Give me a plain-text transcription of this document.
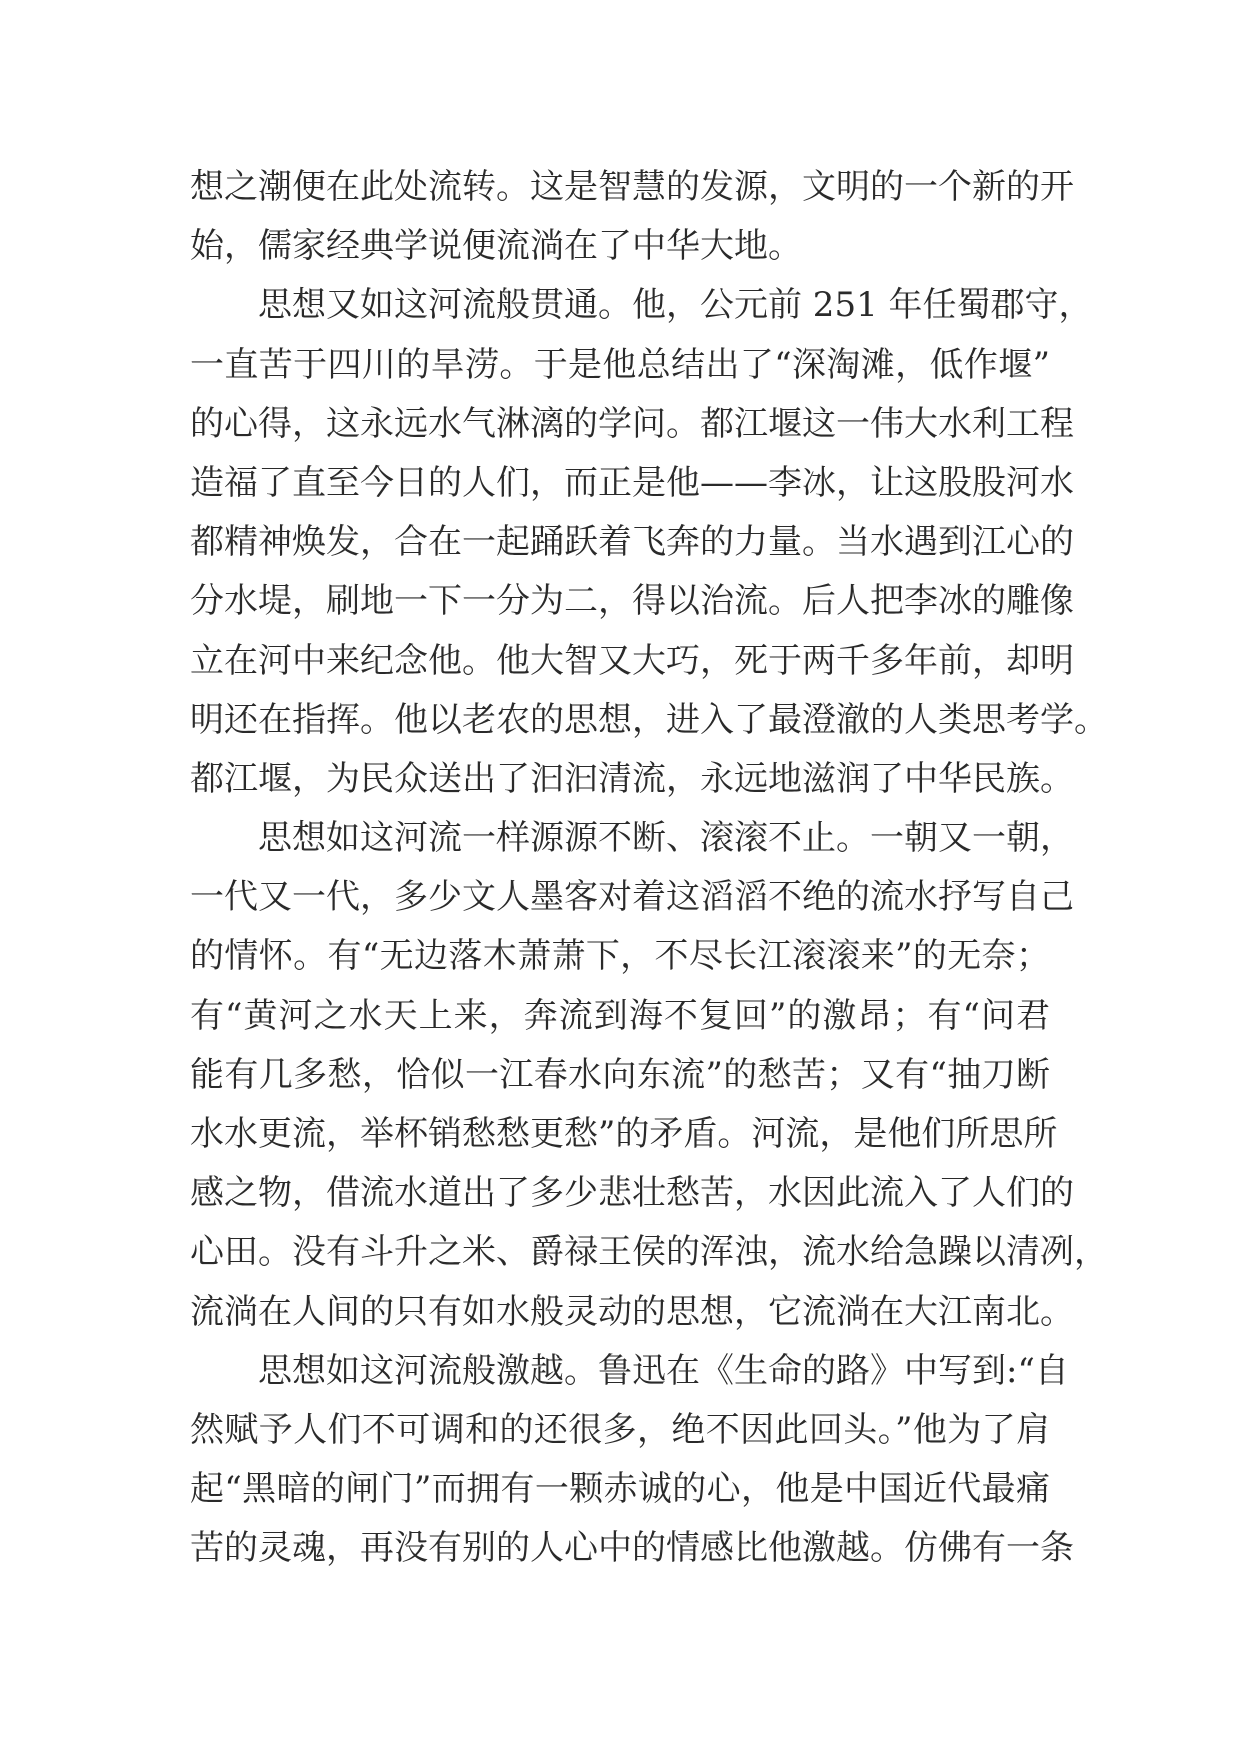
想之潮便在此处流转。这是智慧的发源，文明的一个新的开
始，儒家经典学说便流淌在了中华大地。
思想又如这河流般贯通。他，公元前 251 年任蜀郡守，
一直苦于四川的旱涝。于是他总结出了“深淘滩，低作堰”
的心得，这永远水气淋漓的学问。都江堰这一伟大水利工程
造福了直至今日的人们，而正是他——李冰，让这股股河水
都精神焕发，合在一起踊跃着飞奔的力量。当水遇到江心的
分水堤，刷地一下一分为二，得以治流。后人把李冰的雕像
立在河中来纪念他。他大智又大巧，死于两千多年前，却明
明还在指挥。他以老农的思想，进入了最澄澈的人类思考学。
都江堰，为民众送出了汩汩清流，永远地滋润了中华民族。
思想如这河流一样源源不断、滚滚不止。一朝又一朝，
一代又一代，多少文人墨客对着这滔滔不绝的流水抒写自己
的情怀。有“无边落木萧萧下，不尽长江滚滚来”的无奈；
有“黄河之水天上来，奔流到海不复回”的激昂；有“问君
能有几多愁，恰似一江春水向东流”的愁苦；又有“抽刀断
水水更流，举杯销愁愁更愁”的矛盾。河流，是他们所思所
感之物，借流水道出了多少悲壮愁苦，水因此流入了人们的
心田。没有斗升之米、爵禄王侯的浑浊，流水给急躁以清冽，
流淌在人间的只有如水般灵动的思想，它流淌在大江南北。
思想如这河流般激越。鲁迅在《生命的路》中写到:“自
然赋予人们不可调和的还很多，绝不因此回头。”他为了肩
起“黑暗的闸门”而拥有一颗赤诚的心，他是中国近代最痛
苦的灵魂，再没有别的人心中的情感比他激越。仿佛有一条
